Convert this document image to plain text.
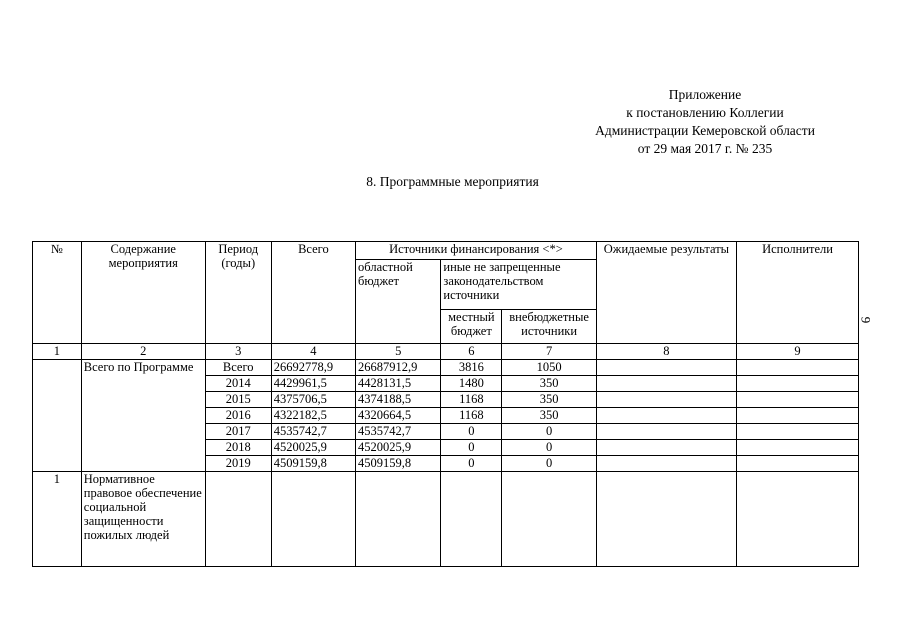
Приложение
к постановлению Коллегии
Администрации Кемеровской области
от 29 мая 2017 г. № 235
8. Программные мероприятия
9
№	Содержание мероприятия	Период (годы)	Всего	Источники финансирования <*>			Ожидаемые результаты	Исполнители
				областной бюджет	иные не запрещенные законодательством источники			
					местный бюджет	внебюджетные источники		
1	2	3	4	5	6	7	8	9
	Всего по Программе	Всего	26692778,9	26687912,9	3816	1050		
		2014	4429961,5	4428131,5	1480	350		
		2015	4375706,5	4374188,5	1168	350		
		2016	4322182,5	4320664,5	1168	350		
		2017	4535742,7	4535742,7	0	0		
		2018	4520025,9	4520025,9	0	0		
		2019	4509159,8	4509159,8	0	0		
1	Нормативное правовое обеспечение социальной защищенности пожилых людей							
